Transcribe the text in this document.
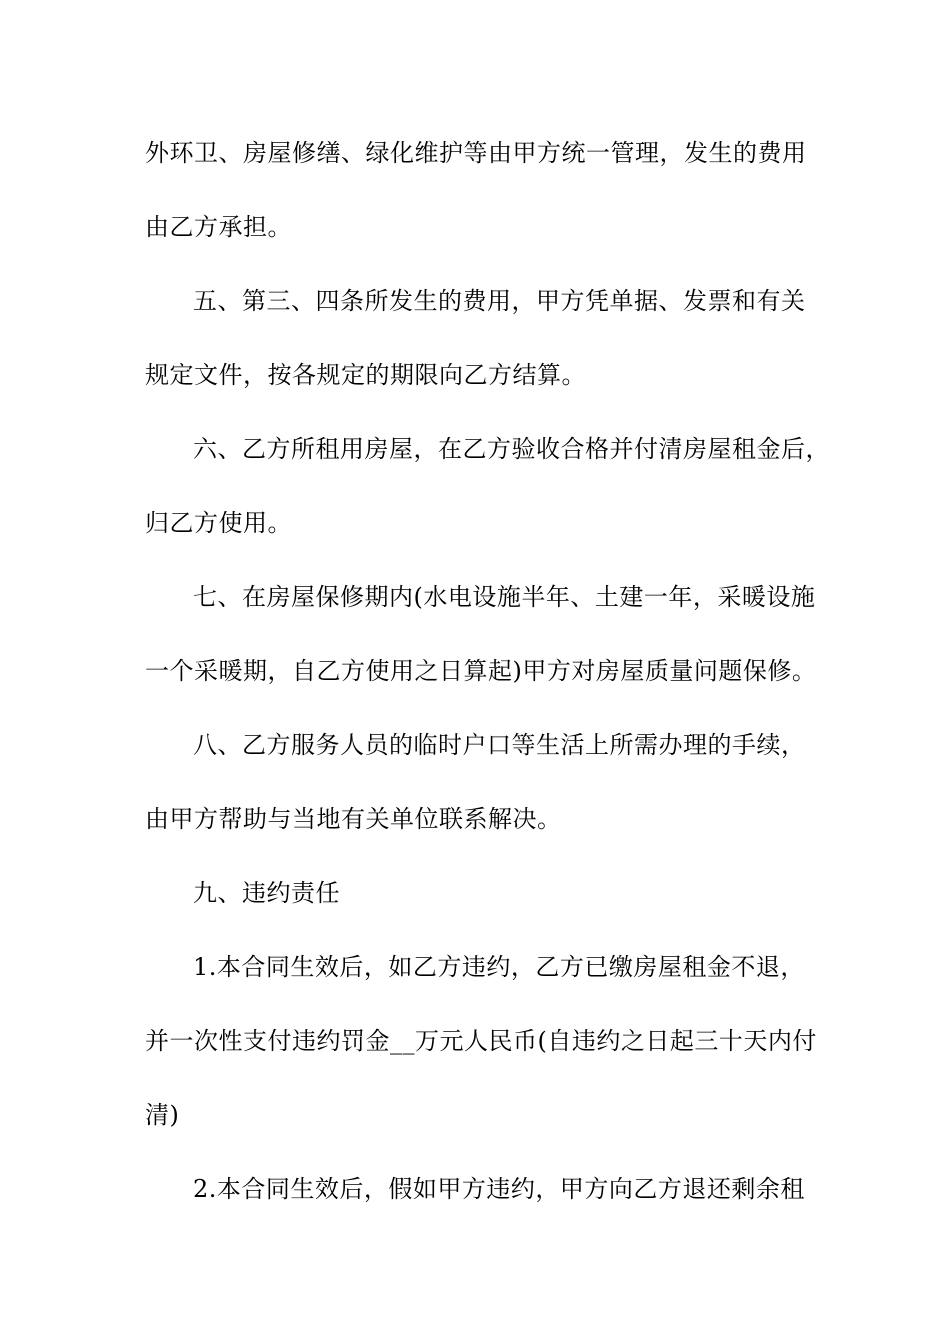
外环卫、房屋修缮、绿化维护等由甲方统一管理，发生的费用
由乙方承担。
五、第三、四条所发生的费用，甲方凭单据、发票和有关
规定文件，按各规定的期限向乙方结算。
六、乙方所租用房屋，在乙方验收合格并付清房屋租金后，
归乙方使用。
七、在房屋保修期内(水电设施半年、土建一年，采暖设施
一个采暖期，自乙方使用之日算起)甲方对房屋质量问题保修。
八、乙方服务人员的临时户口等生活上所需办理的手续，
由甲方帮助与当地有关单位联系解决。
九、违约责任
1.本合同生效后，如乙方违约，乙方已缴房屋租金不退，
并一次性支付违约罚金__万元人民币(自违约之日起三十天内付
清)
2.本合同生效后，假如甲方违约，甲方向乙方退还剩余租
